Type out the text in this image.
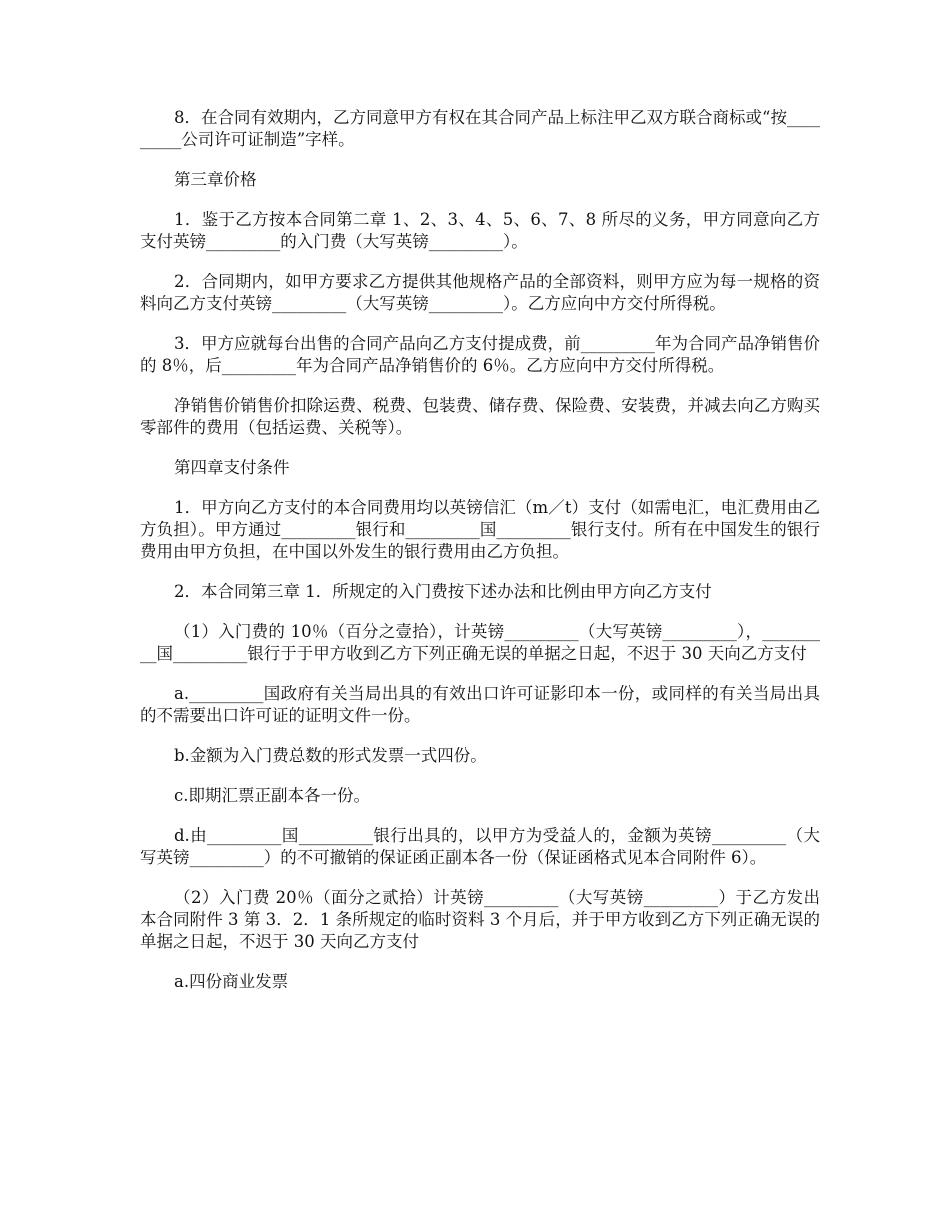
8．在合同有效期内，乙方同意甲方有权在其合同产品上标注甲乙双方联合商标或“按_________公司许可证制造”字样。

第三章价格

1．鉴于乙方按本合同第二章 1、2、3、4、5、6、7、8 所尽的义务，甲方同意向乙方支付英镑_________的入门费（大写英镑_________）。

2．合同期内，如甲方要求乙方提供其他规格产品的全部资料，则甲方应为每一规格的资料向乙方支付英镑_________（大写英镑_________）。乙方应向中方交付所得税。

3．甲方应就每台出售的合同产品向乙方支付提成费，前_________年为合同产品净销售价的 8％，后_________年为合同产品净销售价的 6％。乙方应向中方交付所得税。

净销售价销售价扣除运费、税费、包装费、储存费、保险费、安装费，并减去向乙方购买零部件的费用（包括运费、关税等）。

第四章支付条件

1．甲方向乙方支付的本合同费用均以英镑信汇（m／t）支付（如需电汇，电汇费用由乙方负担）。甲方通过_________银行和_________国_________银行支付。所有在中国发生的银行费用由甲方负担，在中国以外发生的银行费用由乙方负担。

2．本合同第三章 1．所规定的入门费按下述办法和比例由甲方向乙方支付

（1）入门费的 10％（百分之壹拾），计英镑_________（大写英镑_________），_________国_________银行于于甲方收到乙方下列正确无误的单据之日起，不迟于 30 天向乙方支付

a._________国政府有关当局出具的有效出口许可证影印本一份，或同样的有关当局出具的不需要出口许可证的证明文件一份。

b.金额为入门费总数的形式发票一式四份。

c.即期汇票正副本各一份。

d.由_________国_________银行出具的，以甲方为受益人的，金额为英镑_________（大写英镑_________）的不可撤销的保证函正副本各一份（保证函格式见本合同附件 6）。

（2）入门费 20％（面分之贰拾）计英镑_________（大写英镑_________）于乙方发出本合同附件 3 第 3．2．1 条所规定的临时资料 3 个月后，并于甲方收到乙方下列正确无误的单据之日起，不迟于 30 天向乙方支付

a.四份商业发票
